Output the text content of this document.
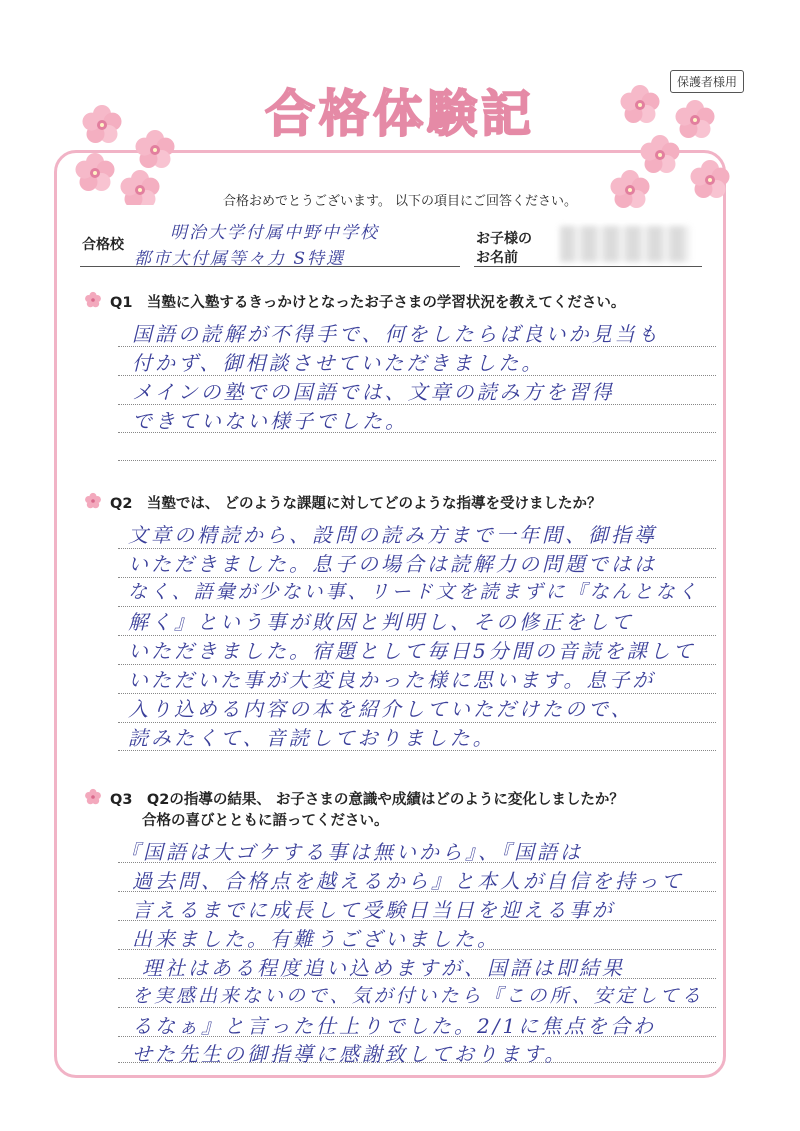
保護者様用
合格体験記
合格おめでとうございます。 以下の項目にご回答ください。
合格校
明治大学付属中野中学校
都市大付属等々力 S特選
お子様の
お名前
Q1　当塾に入塾するきっかけとなったお子さまの学習状況を教えてください。
国語の読解が不得手で、何をしたらば良いか見当も
付かず、御相談させていただきました。
メインの塾での国語では、文章の読み方を習得
できていない様子でした。
Q2　当塾では、 どのような課題に対してどのような指導を受けましたか？
文章の精読から、設問の読み方まで一年間、御指導
いただきました。息子の場合は読解力の問題ではは
なく、語彙が少ない事、リード文を読まずに『なんとなく
解く』という事が敗因と判明し、その修正をして
いただきました。宿題として毎日5分間の音読を課して
いただいた事が大変良かった様に思います。息子が
入り込める内容の本を紹介していただけたので、
読みたくて、音読しておりました。
Q3　Q2の指導の結果、 お子さまの意識や成績はどのように変化しましたか？
合格の喜びとともに語ってください。
『国語は大ゴケする事は無いから』、『国語は
過去問、合格点を越えるから』と本人が自信を持って
言えるまでに成長して受験日当日を迎える事が
出来ました。有難うございました。
理社はある程度追い込めますが、国語は即結果
を実感出来ないので、気が付いたら『この所、安定してる
るなぁ』と言った仕上りでした。2/1に焦点を合わ
せた先生の御指導に感謝致しております。
